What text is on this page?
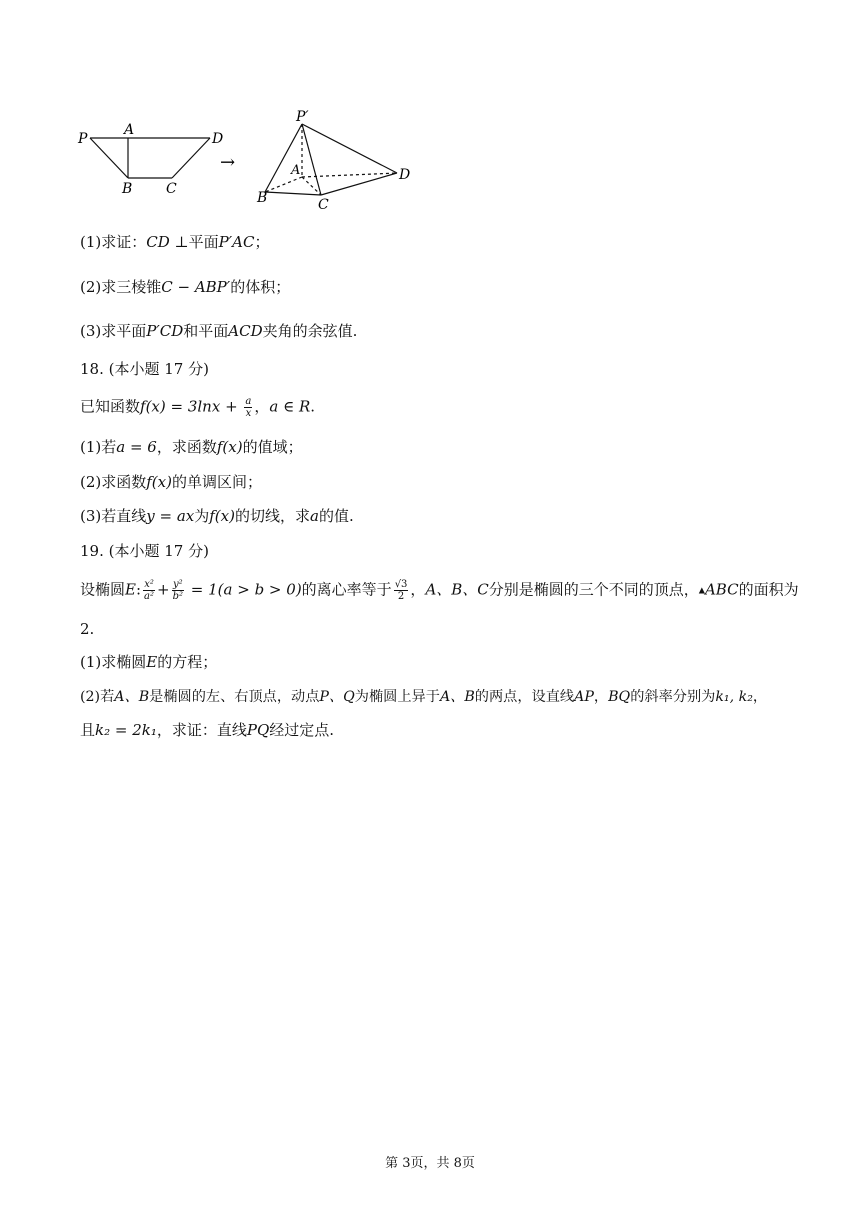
P
A
D
B C
→
P′
A	D
B	C
(1)求证：CD ⊥平面P′AC；
(2)求三棱锥C − ABP′的体积；
(3)求平面P′CD和平面ACD夹角的余弦值.
18. (本小题 17 分)
已知函数$f(x) = 3\ln x + \frac{a}{x}$ ，a ∈ R.
(1)若a = 6，求函数f(x)的值域；
(2)求函数f(x)的单调区间；
(3)若直线y = ax为f(x)的切线，求a的值.
19. (本小题 17 分)
设椭圆E: $\frac{\text{x²}}{\text{a²}} + \frac{\text{y²}}{\text{b²}} = 1(a > b > 0)$的离心率等于 $\frac{√3}{2}$ ，A、B、C分别是椭圆的三个不同的顶点，▲ABC的面积为
2.
(1)求椭圆E的方程；
(2)若A、B是椭圆的左、右顶点，动点P、Q为椭圆上异于A、B的两点，设直线AP，BQ的斜率分别为k₁, k₂，
且k₂ = 2k₁，求证：直线PQ经过定点.
第 3页，共 8页
